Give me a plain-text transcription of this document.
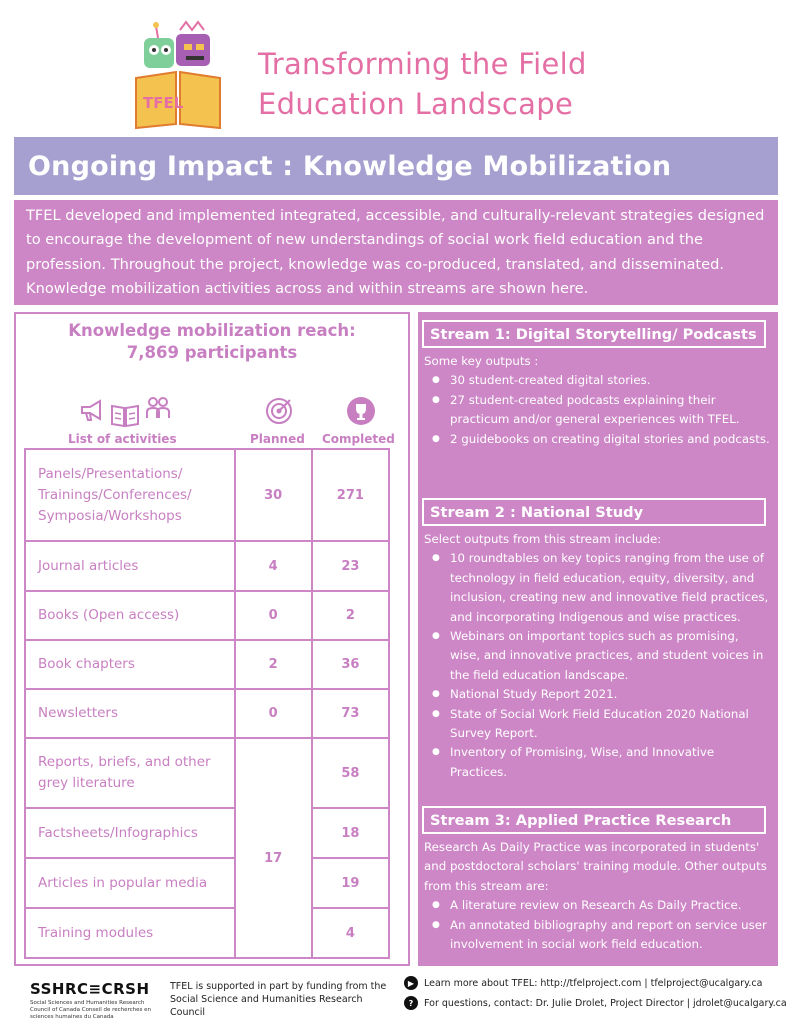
TFEL
Transforming the Field
Education Landscape
Ongoing Impact : Knowledge Mobilization
TFEL developed and implemented integrated, accessible, and culturally-relevant strategies designed to encourage the development of new understandings of social work field education and the profession. Throughout the project, knowledge was co-produced, translated, and disseminated. Knowledge mobilization activities across and within streams are shown here.
Knowledge mobilization reach:
7,869 participants
List of activities	Planned Completed
Panels/Presentations/ Trainings/Conferences/ Symposia/Workshops	30	271
Journal articles	4	23
Books (Open access)	0	2
Book chapters	2	36
Newsletters	0	73
Reports, briefs, and other grey literature	17	58
Factsheets/Infographics		18
Articles in popular media		19
Training modules		4
Stream 1: Digital Storytelling/ Podcasts
Some key outputs :
● 30 student-created digital stories.
● 27 student-created podcasts explaining their practicum and/or general experiences with TFEL.
● 2 guidebooks on creating digital stories and podcasts.
Stream 2 : National Study
Select outputs from this stream include:
● 10 roundtables on key topics ranging from the use of technology in field education, equity, diversity, and inclusion, creating new and innovative field practices, and incorporating Indigenous and wise practices.
● Webinars on important topics such as promising, wise, and innovative practices, and student voices in the field education landscape.
● National Study Report 2021.
● State of Social Work Field Education 2020 National Survey Report.
● Inventory of Promising, Wise, and Innovative Practices.
Stream 3: Applied Practice Research
Research As Daily Practice was incorporated in students' and postdoctoral scholars' training module. Other outputs from this stream are:
● A literature review on Research As Daily Practice.
● An annotated bibliography and report on service user involvement in social work field education.
SSHRC≡CRSH
Social Sciences and Humanities Research Council of Canada Conseil de recherches en sciences humaines du Canada
TFEL is supported in part by funding from the Social Science and Humanities Research Council
▶	Learn more about TFEL: http://tfelproject.com | tfelproject@ucalgary.ca
?	For questions, contact: Dr. Julie Drolet, Project Director | jdrolet@ucalgary.ca
